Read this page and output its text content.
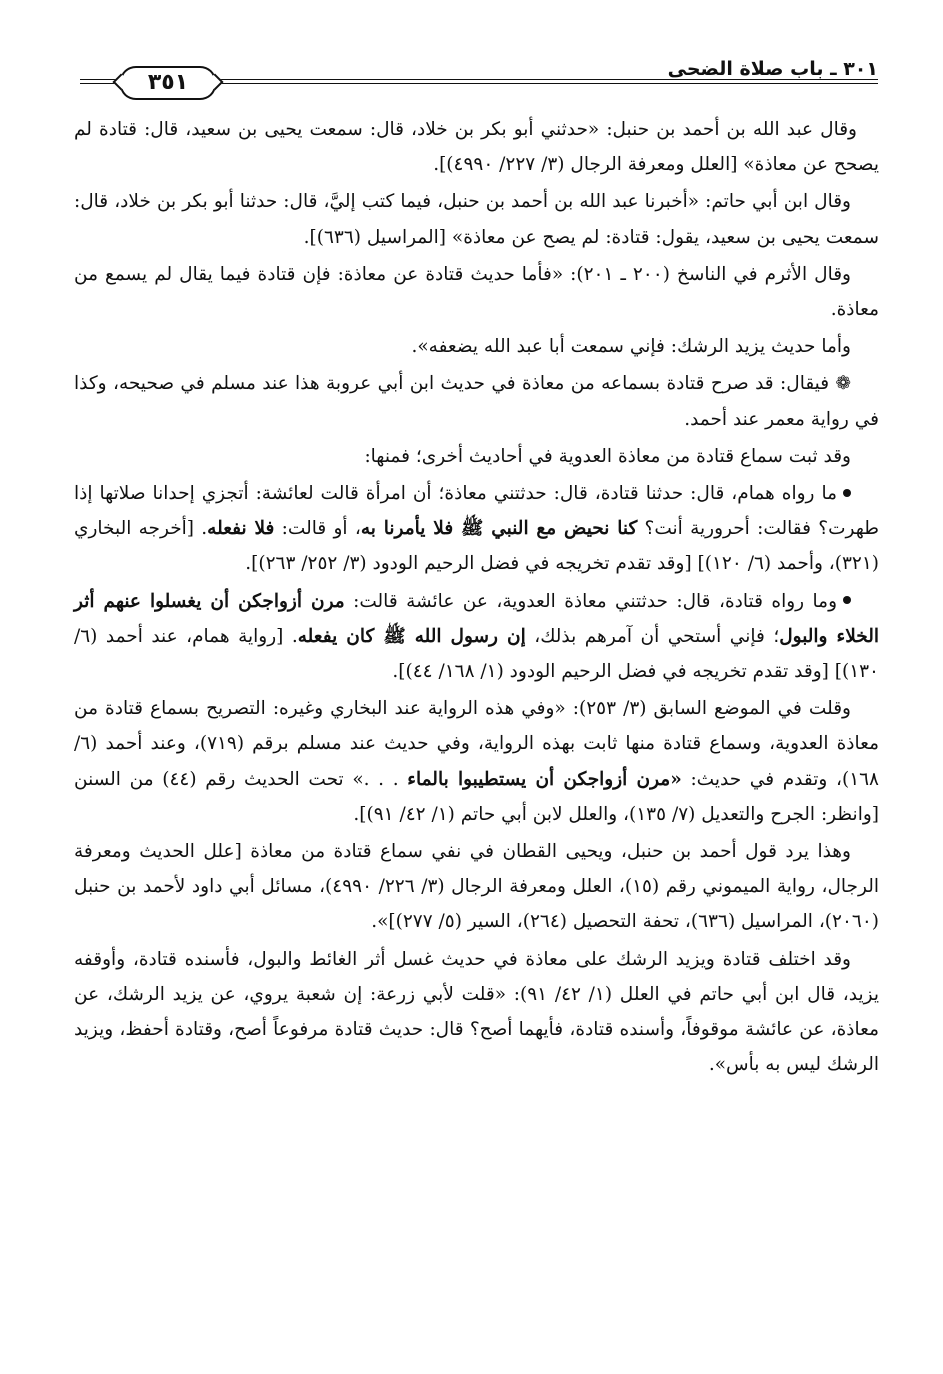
٣٠١ ـ باب صلاة الضحى
٣٥١

وقال عبد الله بن أحمد بن حنبل: «حدثني أبو بكر بن خلاد، قال: سمعت يحيى بن سعيد، قال: قتادة لم يصحح عن معاذة» [العلل ومعرفة الرجال (٣/ ٢٢٧/ ٤٩٩٠)].

وقال ابن أبي حاتم: «أخبرنا عبد الله بن أحمد بن حنبل، فيما كتب إليَّ، قال: حدثنا أبو بكر بن خلاد، قال: سمعت يحيى بن سعيد، يقول: قتادة: لم يصح عن معاذة» [المراسيل (٦٣٦)].

وقال الأثرم في الناسخ (٢٠٠ ـ ٢٠١): «فأما حديث قتادة عن معاذة: فإن قتادة فيما يقال لم يسمع من معاذة.

وأما حديث يزيد الرشك: فإني سمعت أبا عبد الله يضعفه».

❁ فيقال: قد صرح قتادة بسماعه من معاذة في حديث ابن أبي عروبة هذا عند مسلم في صحيحه، وكذا في رواية معمر عند أحمد.

وقد ثبت سماع قتادة من معاذة العدوية في أحاديث أخرى؛ فمنها:

ما رواه همام، قال: حدثنا قتادة، قال: حدثتني معاذة؛ أن امرأة قالت لعائشة: أتجزي إحدانا صلاتها إذا طهرت؟ فقالت: أحرورية أنت؟ كنا نحيض مع النبي ﷺ فلا يأمرنا به، أو قالت: فلا نفعله. [أخرجه البخاري (٣٢١)، وأحمد (٦/ ١٢٠)] [وقد تقدم تخريجه في فضل الرحيم الودود (٣/ ٢٥٢/ ٢٦٣)].

وما رواه قتادة، قال: حدثتني معاذة العدوية، عن عائشة قالت: مرن أزواجكن أن يغسلوا عنهم أثر الخلاء والبول؛ فإني أستحي أن آمرهم بذلك، إن رسول الله ﷺ كان يفعله. [رواية همام، عند أحمد (٦/ ١٣٠)] [وقد تقدم تخريجه في فضل الرحيم الودود (١/ ١٦٨/ ٤٤)].

وقلت في الموضع السابق (٣/ ٢٥٣): «وفي هذه الرواية عند البخاري وغيره: التصريح بسماع قتادة من معاذة العدوية، وسماع قتادة منها ثابت بهذه الرواية، وفي حديث عند مسلم برقم (٧١٩)، وعند أحمد (٦/ ١٦٨)، وتقدم في حديث: «مرن أزواجكن أن يستطيبوا بالماء . . .» تحت الحديث رقم (٤٤) من السنن [وانظر: الجرح والتعديل (٧/ ١٣٥)، والعلل لابن أبي حاتم (١/ ٤٢/ ٩١)].

وهذا يرد قول أحمد بن حنبل، ويحيى القطان في نفي سماع قتادة من معاذة [علل الحديث ومعرفة الرجال، رواية الميموني رقم (١٥)، العلل ومعرفة الرجال (٣/ ٢٢٦/ ٤٩٩٠)، مسائل أبي داود لأحمد بن حنبل (٢٠٦٠)، المراسيل (٦٣٦)، تحفة التحصيل (٢٦٤)، السير (٥/ ٢٧٧)]».

وقد اختلف قتادة ويزيد الرشك على معاذة في حديث غسل أثر الغائط والبول، فأسنده قتادة، وأوقفه يزيد، قال ابن أبي حاتم في العلل (١/ ٤٢/ ٩١): «قلت لأبي زرعة: إن شعبة يروي، عن يزيد الرشك، عن معاذة، عن عائشة موقوفاً، وأسنده قتادة، فأيهما أصح؟ قال: حديث قتادة مرفوعاً أصح، وقتادة أحفظ، ويزيد الرشك ليس به بأس».
